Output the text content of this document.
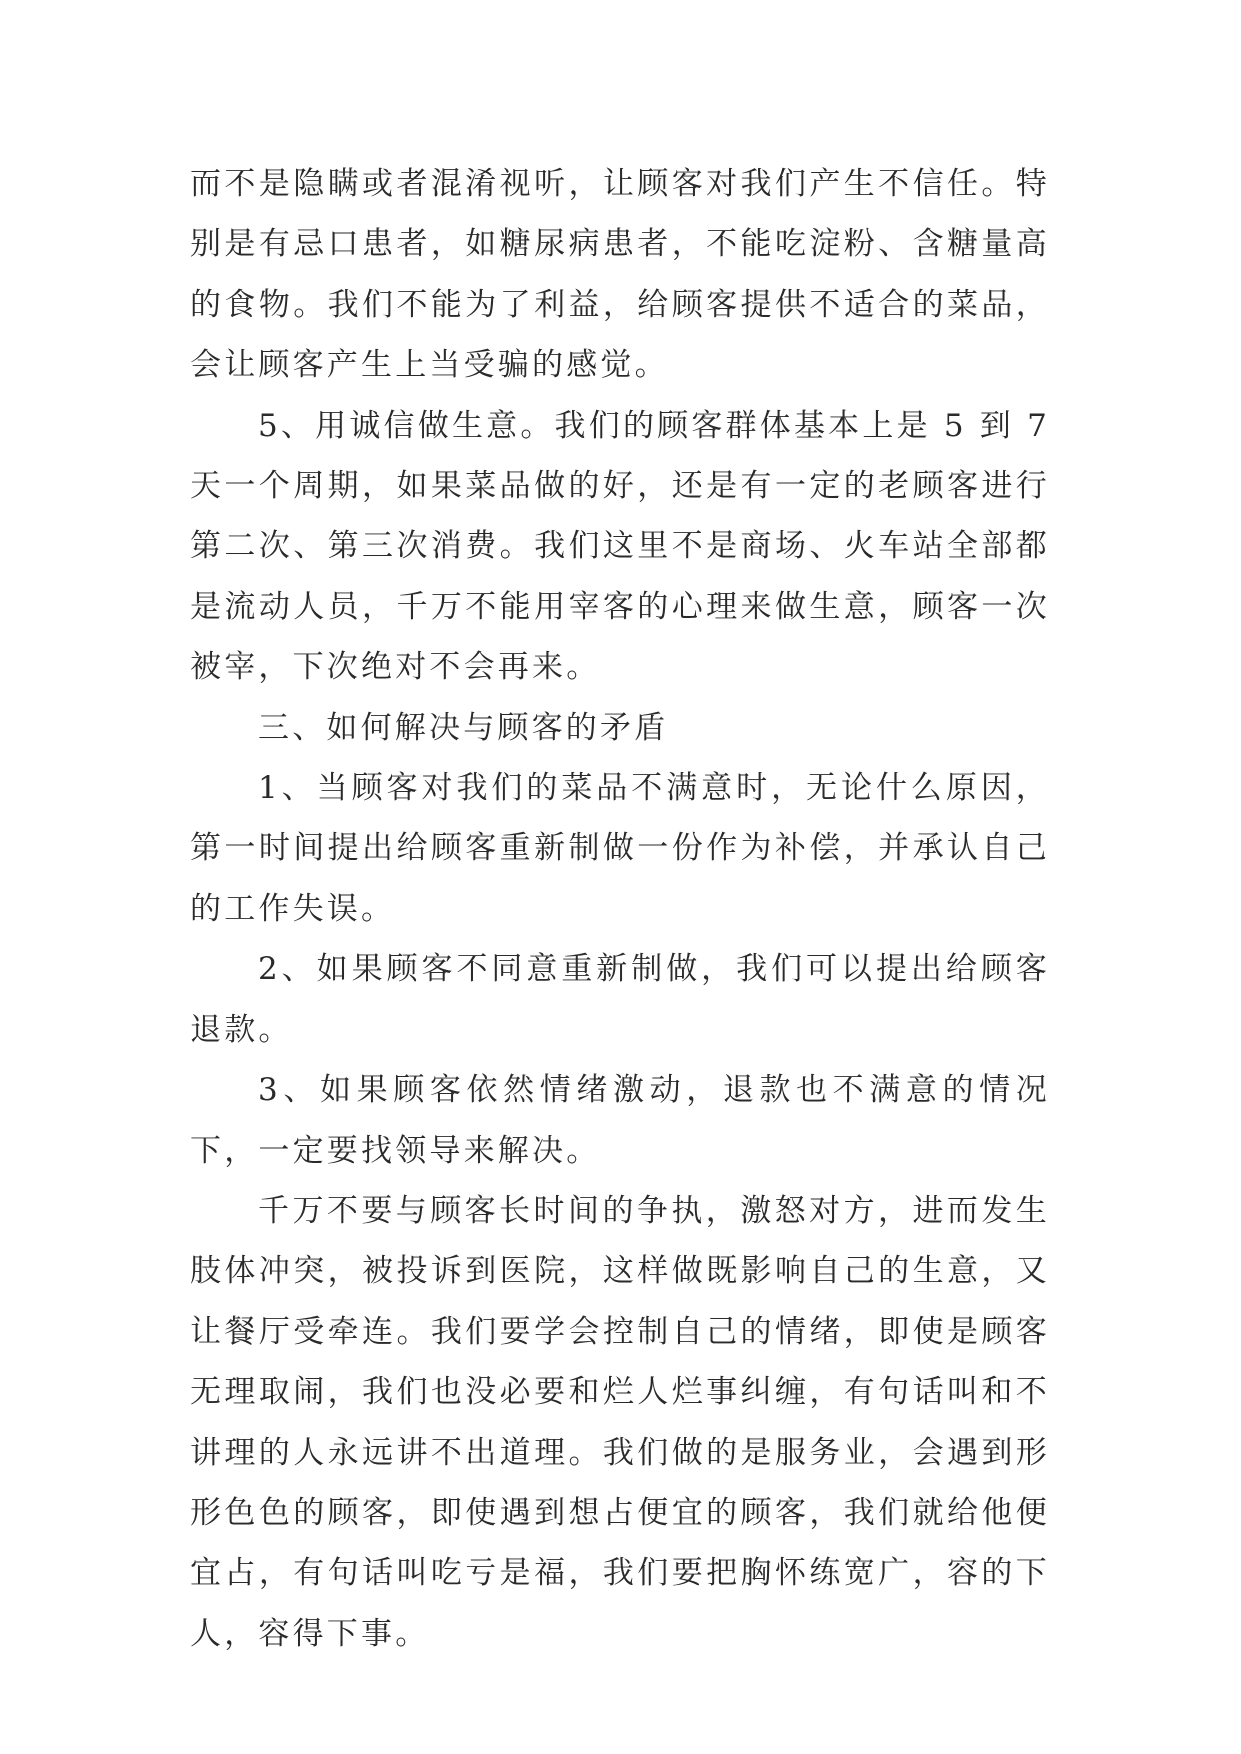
而不是隐瞒或者混淆视听，让顾客对我们产生不信任。特别是有忌口患者，如糖尿病患者，不能吃淀粉、含糖量高的食物。我们不能为了利益，给顾客提供不适合的菜品，会让顾客产生上当受骗的感觉。

5、用诚信做生意。我们的顾客群体基本上是 5 到 7 天一个周期，如果菜品做的好，还是有一定的老顾客进行第二次、第三次消费。我们这里不是商场、火车站全部都是流动人员，千万不能用宰客的心理来做生意，顾客一次被宰，下次绝对不会再来。

三、如何解决与顾客的矛盾

1、当顾客对我们的菜品不满意时，无论什么原因，第一时间提出给顾客重新制做一份作为补偿，并承认自己的工作失误。

2、如果顾客不同意重新制做，我们可以提出给顾客退款。

3、如果顾客依然情绪激动，退款也不满意的情况下，一定要找领导来解决。

千万不要与顾客长时间的争执，激怒对方，进而发生肢体冲突，被投诉到医院，这样做既影响自己的生意，又让餐厅受牵连。我们要学会控制自己的情绪，即使是顾客无理取闹，我们也没必要和烂人烂事纠缠，有句话叫和不讲理的人永远讲不出道理。我们做的是服务业，会遇到形形色色的顾客，即使遇到想占便宜的顾客，我们就给他便宜占，有句话叫吃亏是福，我们要把胸怀练宽广，容的下人，容得下事。
